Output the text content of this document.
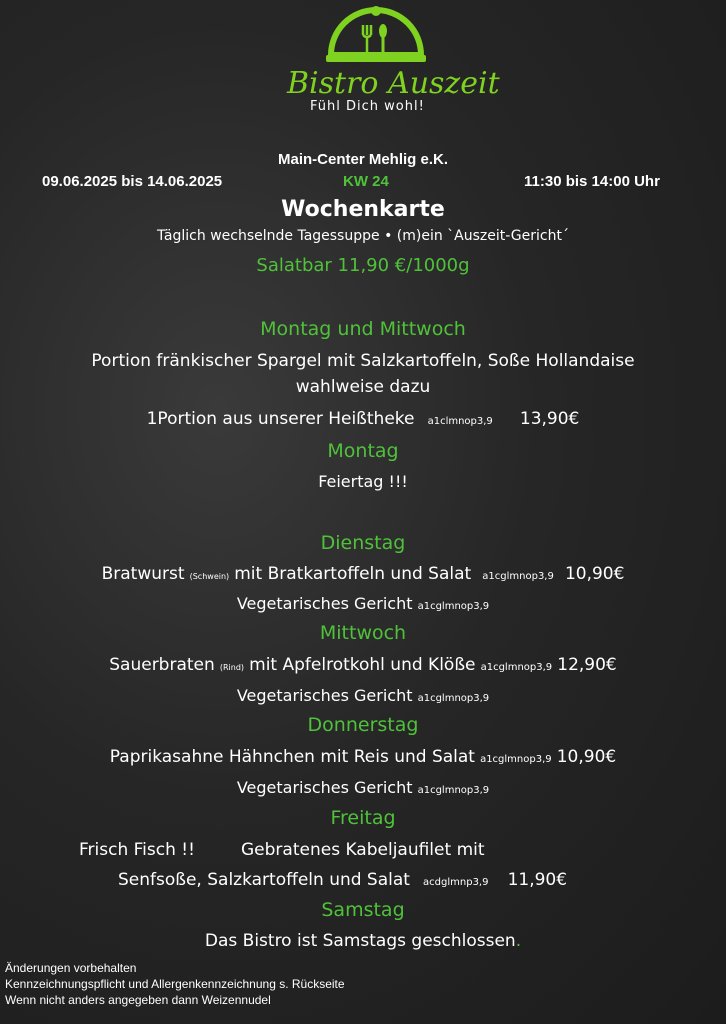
Bistro Auszeit
Fühl Dich wohl!
Main-Center Mehlig e.K.
09.06.2025 bis 14.06.2025	KW 24	11:30 bis 14:00 Uhr
Wochenkarte
Täglich wechselnde Tagessuppe • (m)ein `Auszeit-Gericht´
Salatbar 11,90 €/1000g
Montag und Mittwoch
Portion fränkischer Spargel mit Salzkartoffeln, Soße Hollandaise
wahlweise dazu
1Portion aus unserer Heißtheke a1clmnop3,9 13,90€
Montag
Feiertag !!!
Dienstag
Bratwurst (Schwein) mit Bratkartoffeln und Salat a1cglmnop3,9 10,90€
Vegetarisches Gericht a1cglmnop3,9
Mittwoch
Sauerbraten (Rind) mit Apfelrotkohl und Klöße a1cglmnop3,9 12,90€
Vegetarisches Gericht a1cglmnop3,9
Donnerstag
Paprikasahne Hähnchen mit Reis und Salat a1cglmnop3,9 10,90€
Vegetarisches Gericht a1cglmnop3,9
Freitag
Frisch Fisch !!	Gebratenes Kabeljaufilet mit
Senfsoße, Salzkartoffeln und Salat acdglmnp3,9 11,90€
Samstag
Das Bistro ist Samstags geschlossen.
Änderungen vorbehalten
Kennzeichnungspflicht und Allergenkennzeichnung s. Rückseite
Wenn nicht anders angegeben dann Weizennudel
